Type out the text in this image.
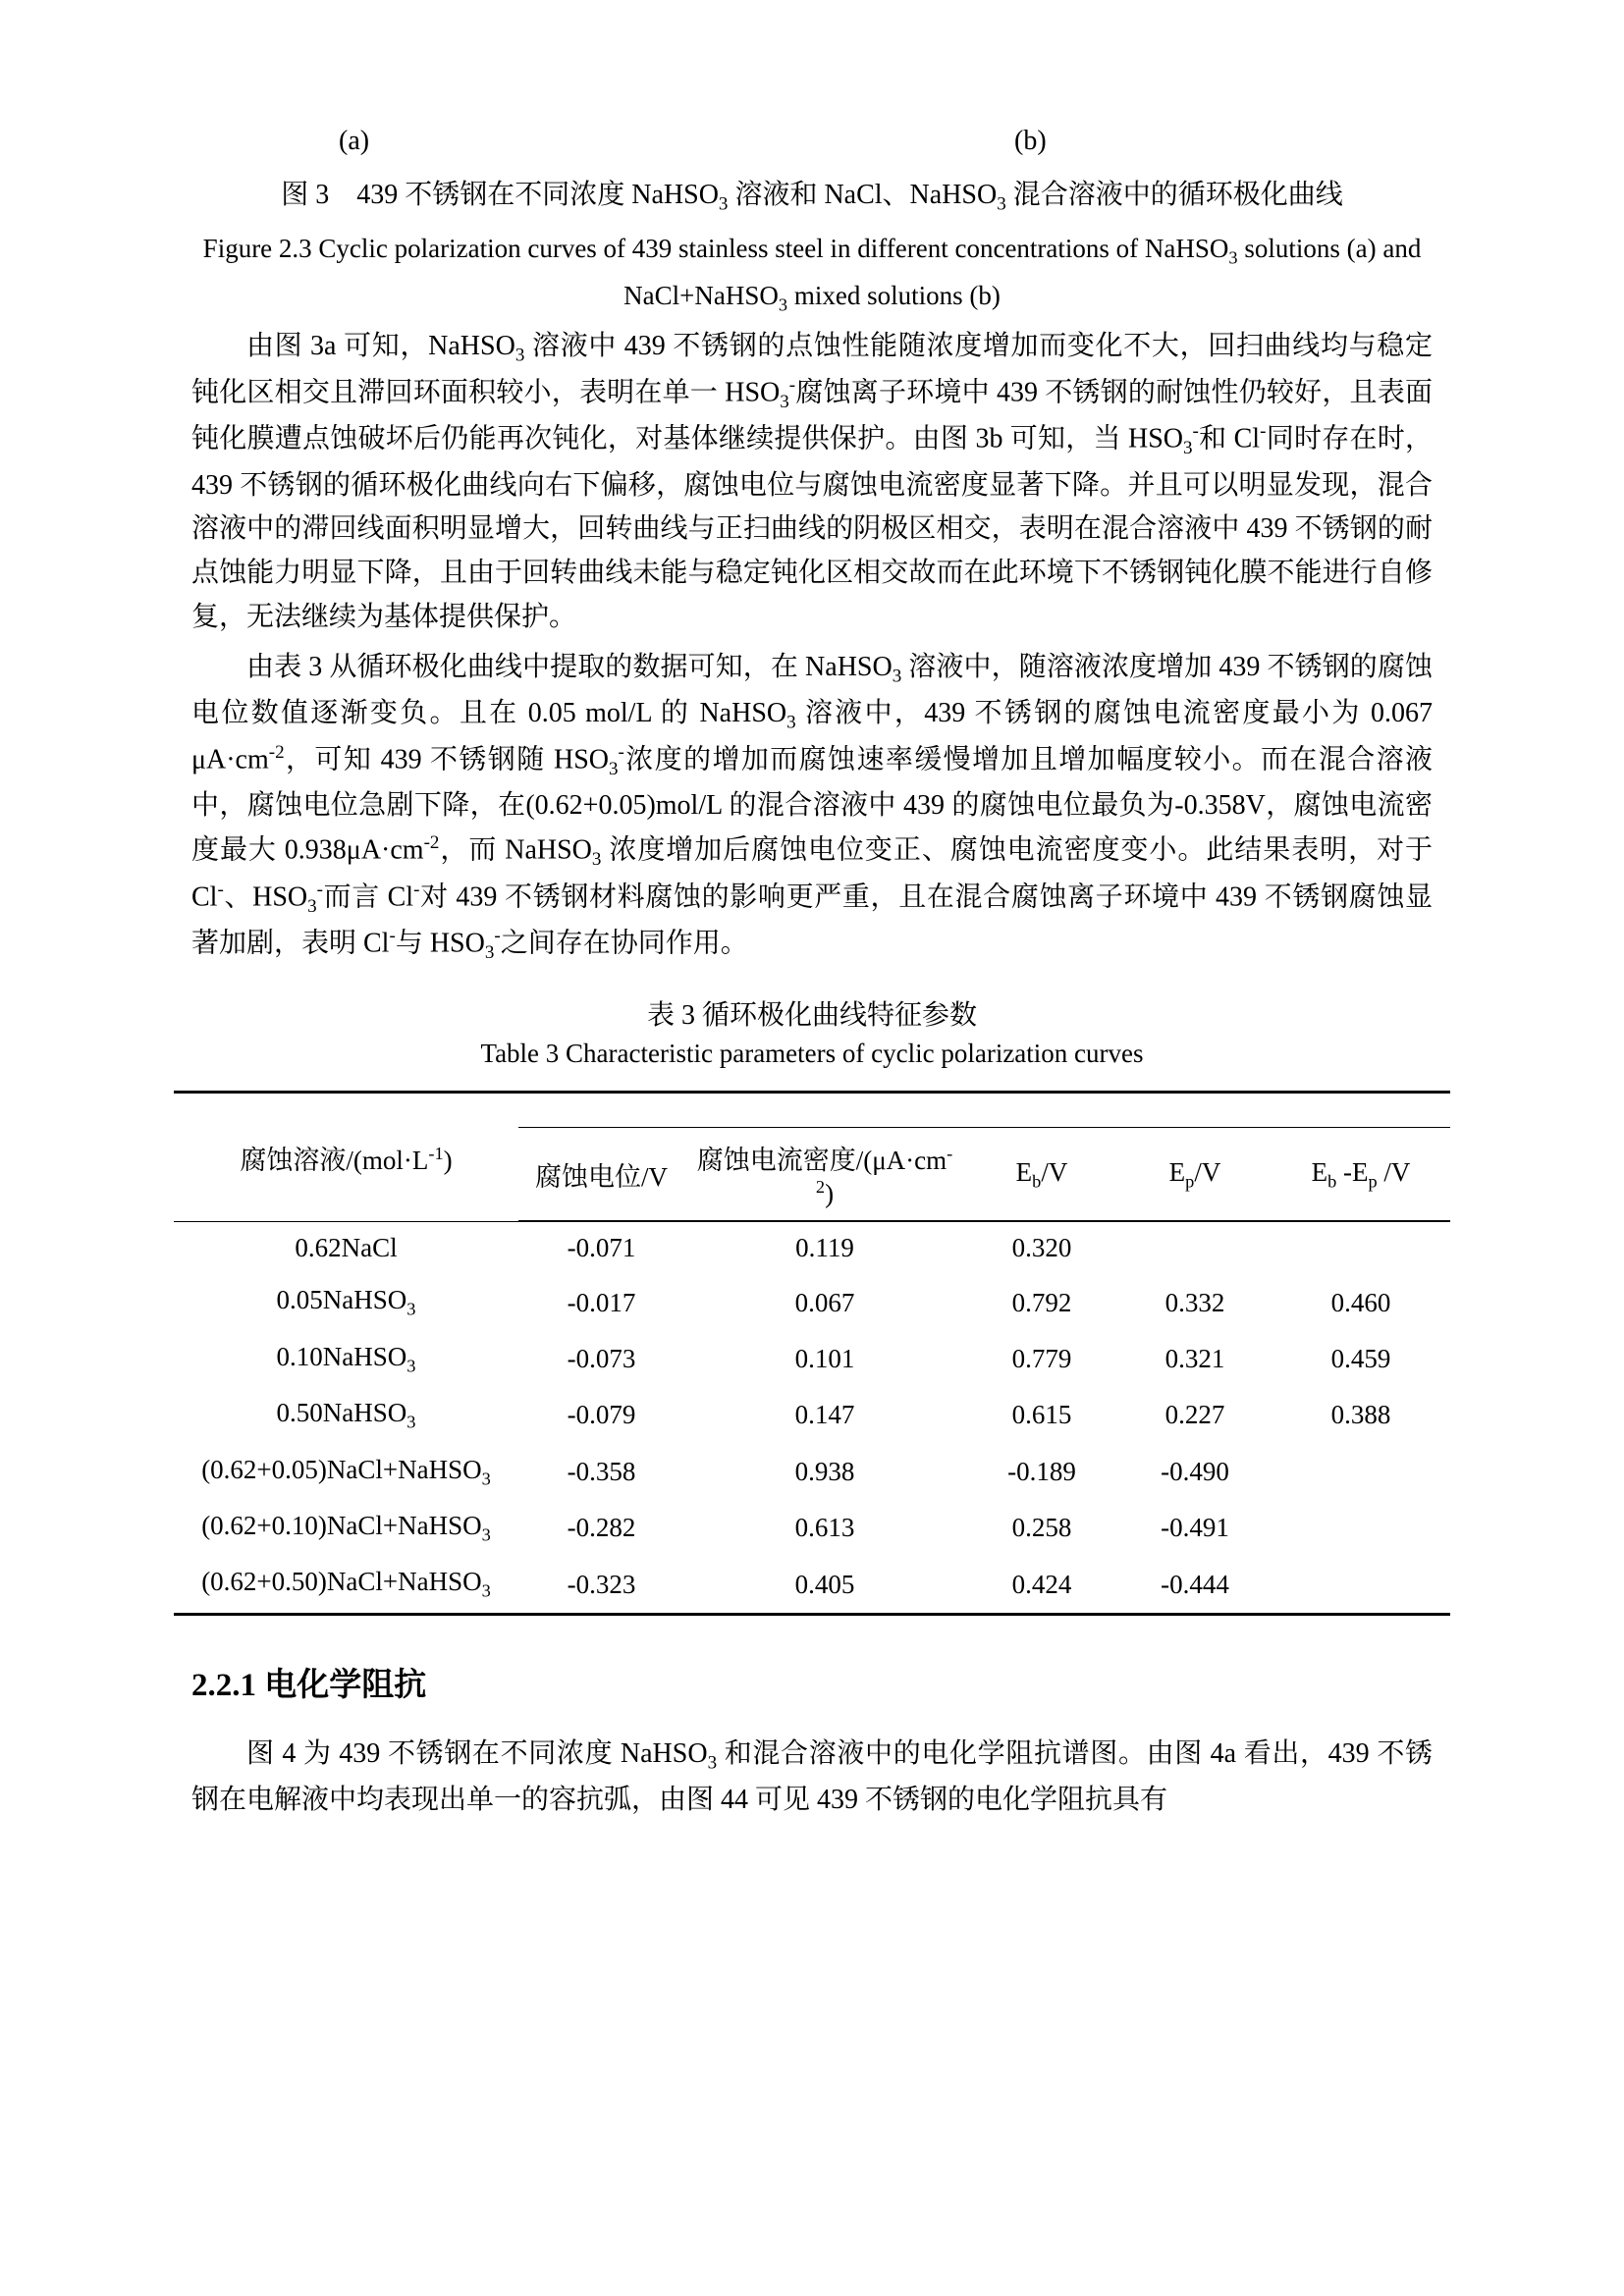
(a)	(b)
图 3　439 不锈钢在不同浓度 NaHSO$_3$ 溶液和 NaCl、NaHSO$_3$ 混合溶液中的循环极化曲线
Figure 2.3 Cyclic polarization curves of 439 stainless steel in different concentrations of NaHSO$_3$ solutions (a) and
NaCl+NaHSO$_3$ mixed solutions (b)

由图 3a 可知，NaHSO$_3$ 溶液中 439 不锈钢的点蚀性能随浓度增加而变化不大，回扫曲线均与稳定钝化区相交且滞回环面积较小，表明在单一 $HSO_3^-$腐蚀离子环境中 439 不锈钢的耐蚀性仍较好，且表面钝化膜遭点蚀破坏后仍能再次钝化，对基体继续提供保护。由图 3b 可知，当 $HSO_3^-$和 Cl-同时存在时，439 不锈钢的循环极化曲线向右下偏移，腐蚀电位与腐蚀电流密度显著下降。并且可以明显发现，混合溶液中的滞回线面积明显增大，回转曲线与正扫曲线的阴极区相交，表明在混合溶液中 439 不锈钢的耐点蚀能力明显下降，且由于回转曲线未能与稳定钝化区相交故而在此环境下不锈钢钝化膜不能进行自修复，无法继续为基体提供保护。

由表 3 从循环极化曲线中提取的数据可知，在 NaHSO$_3$ 溶液中，随溶液浓度增加 439 不锈钢的腐蚀电位数值逐渐变负。且在 0.05 mol/L 的 NaHSO$_3$ 溶液中，439 不锈钢的腐蚀电流密度最小为 0.067 $\mu A\cdot cm^{-2}$，可知 439 不锈钢随 $HSO_3^-$浓度的增加而腐蚀速率缓慢增加且增加幅度较小。而在混合溶液中，腐蚀电位急剧下降，在(0.62+0.05)mol/L 的混合溶液中 439 的腐蚀电位最负为-0.358V，腐蚀电流密度最大 $0.938\mu A\cdot cm^{-2}$，而 NaHSO$_3$ 浓度增加后腐蚀电位变正、腐蚀电流密度变小。此结果表明，对于 Cl-、$HSO_3^-$而言 Cl-对 439 不锈钢材料腐蚀的影响更严重，且在混合腐蚀离子环境中 439 不锈钢腐蚀显著加剧，表明 Cl-与 $HSO_3^-$之间存在协同作用。

表 3 循环极化曲线特征参数
Table 3 Characteristic parameters of cyclic polarization curves
腐蚀溶液$/(mol\cdot L^{-1})$					
	腐蚀电位/V	腐蚀电流密度$/(\mu A\cdot cm^{-2})$	$E_b/V$	$E_p/V$	$E_b$ $-E_p$ /V
0.62NaCl	-0.071	0.119	0.320		
0.05NaHSO$_3$	-0.017	0.067	0.792	0.332	0.460
0.10NaHSO$_3$	-0.073	0.101	0.779	0.321	0.459
0.50NaHSO$_3$	-0.079	0.147	0.615	0.227	0.388
(0.62+0.05)NaCl+NaHSO$_3$	-0.358	0.938	-0.189	-0.490	
(0.62+0.10)NaCl+NaHSO$_3$	-0.282	0.613	0.258	-0.491	
(0.62+0.50)NaCl+NaHSO$_3$	-0.323	0.405	0.424	-0.444	
2.2.1 电化学阻抗

图 4 为 439 不锈钢在不同浓度 NaHSO$_3$ 和混合溶液中的电化学阻抗谱图。由图 4a 看出，439 不锈钢在电解液中均表现出单一的容抗弧，由图 44 可见 439 不锈钢的电化学阻抗具有
